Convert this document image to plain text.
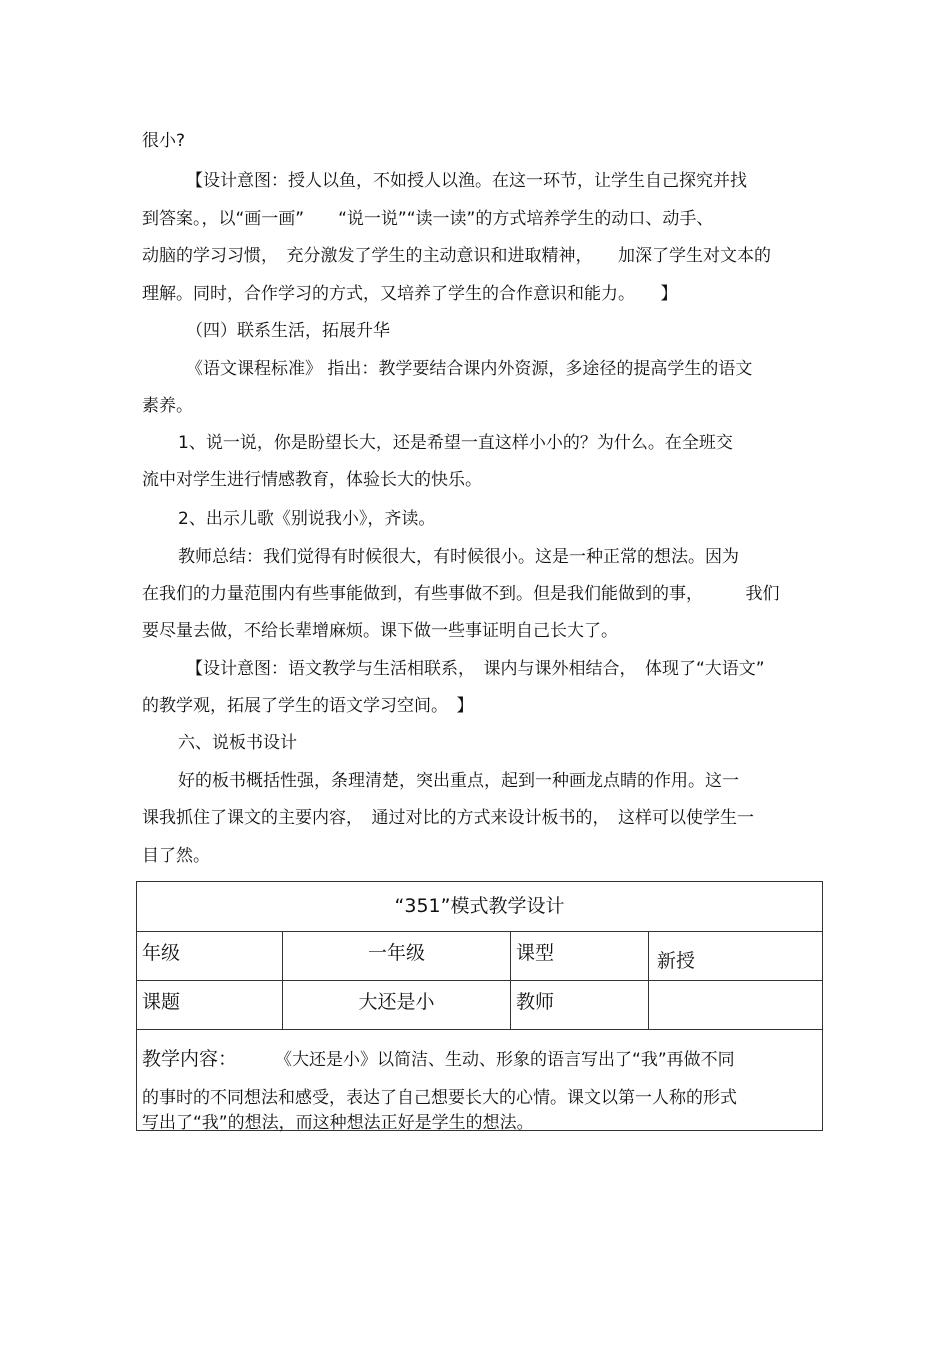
很小?
【设计意图：授人以鱼，不如授人以渔。在这一环节，让学生自己探究并找
到答案。，以“画一画”　　“说一说”“读一读”的方式培养学生的动口、动手、
动脑的学习习惯，　充分激发了学生的主动意识和进取精神，　　加深了学生对文本的
理解。同时，合作学习的方式，又培养了学生的合作意识和能力。　　】
（四）联系生活，拓展升华
《语文课程标准》 指出：教学要结合课内外资源，多途径的提高学生的语文
素养。
1、说一说，你是盼望长大，还是希望一直这样小小的？为什么。在全班交
流中对学生进行情感教育，体验长大的快乐。
2、出示儿歌《别说我小》，齐读。
教师总结：我们觉得有时候很大，有时候很小。这是一种正常的想法。因为
在我们的力量范围内有些事能做到，有些事做不到。但是我们能做到的事，　　　我们
要尽量去做，不给长辈增麻烦。课下做一些事证明自己长大了。
【设计意图：语文教学与生活相联系，　课内与课外相结合，　体现了“大语文”
的教学观，拓展了学生的语文学习空间。　】
六、说板书设计
好的板书概括性强，条理清楚，突出重点，起到一种画龙点睛的作用。这一
课我抓住了课文的主要内容，　通过对比的方式来设计板书的，　这样可以使学生一
目了然。
“351”模式教学设计			
年级	一年级	课型	新授
课题	大还是小	教师	

教学内容： 《大还是小》以简洁、生动、形象的语言写出了“我”再做不同
的事时的不同想法和感受，表达了自己想要长大的心情。课文以第一人称的形式
写出了“我”的想法，而这种想法正好是学生的想法。			
